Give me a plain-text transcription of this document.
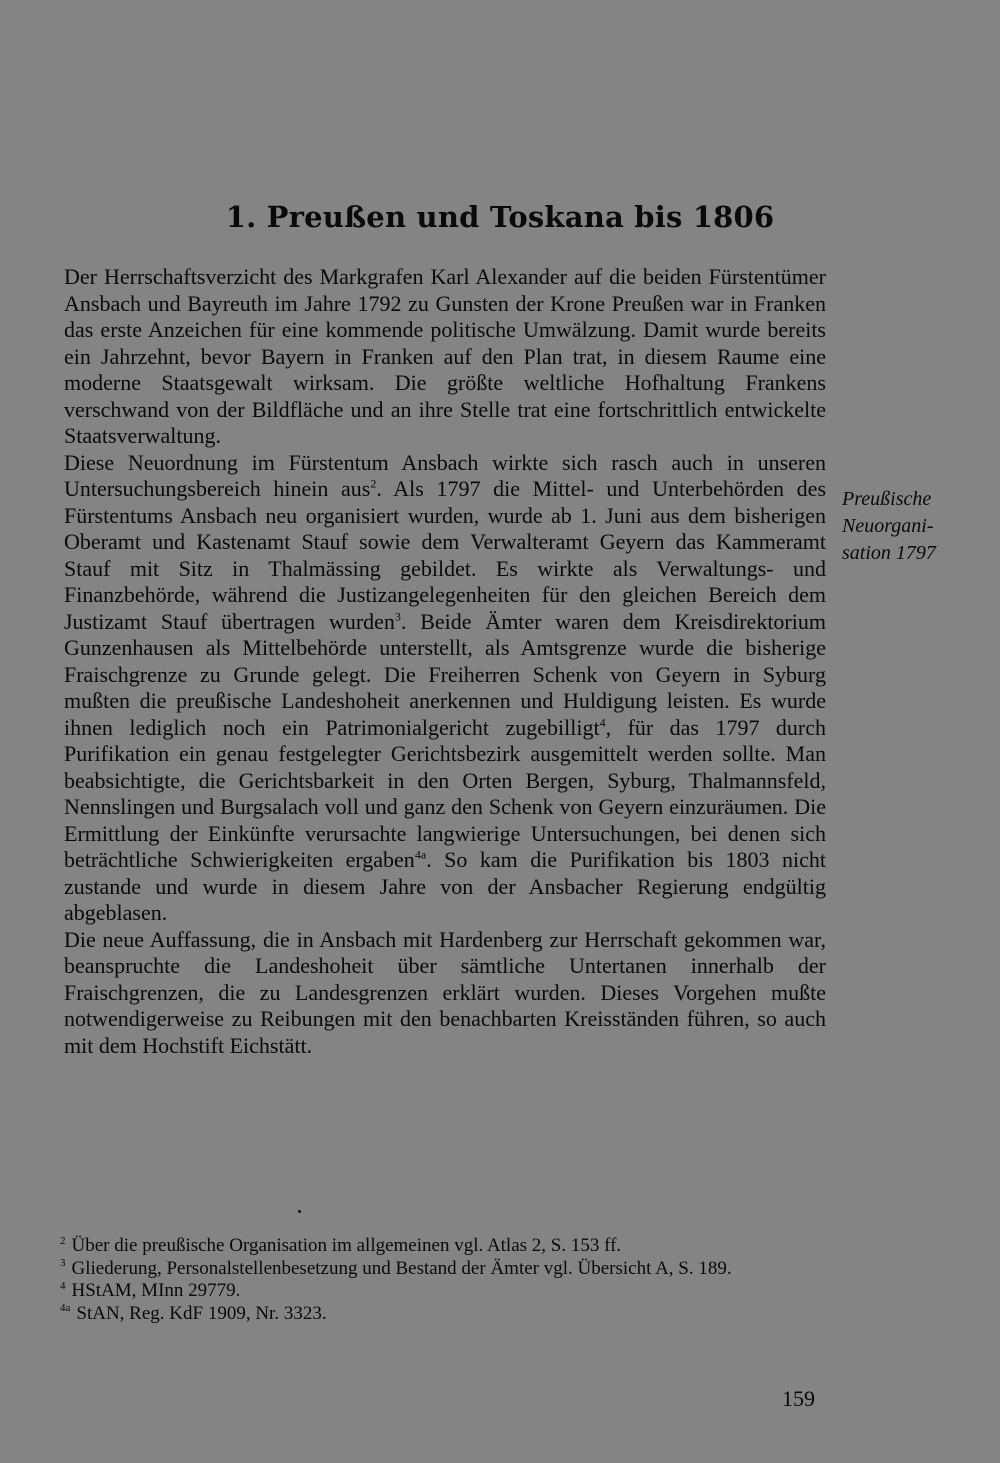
1. Preußen und Toskana bis 1806

Der Herrschaftsverzicht des Markgrafen Karl Alexander auf die beiden Fürstentümer Ansbach und Bayreuth im Jahre 1792 zu Gunsten der Krone Preußen war in Franken das erste Anzeichen für eine kommende politische Umwälzung. Damit wurde bereits ein Jahrzehnt, bevor Bayern in Franken auf den Plan trat, in diesem Raume eine moderne Staatsgewalt wirksam. Die größte weltliche Hofhaltung Frankens verschwand von der Bildfläche und an ihre Stelle trat eine fortschrittlich entwickelte Staatsverwaltung.

Diese Neuordnung im Fürstentum Ansbach wirkte sich rasch auch in unseren Untersuchungsbereich hinein aus$^2$. Als 1797 die Mittel- und Unterbehörden des Fürstentums Ansbach neu organisiert wurden, wurde ab 1. Juni aus dem bisherigen Oberamt und Kastenamt Stauf sowie dem Verwalteramt Geyern das Kammeramt Stauf mit Sitz in Thalmässing gebildet. Es wirkte als Verwaltungs- und Finanzbehörde, während die Justizangelegenheiten für den gleichen Bereich dem Justizamt Stauf übertragen wurden$^3$. Beide Ämter waren dem Kreisdirektorium Gunzenhausen als Mittelbehörde unterstellt, als Amtsgrenze wurde die bisherige Fraischgrenze zu Grunde gelegt. Die Freiherren Schenk von Geyern in Syburg mußten die preußische Landeshoheit anerkennen und Huldigung leisten. Es wurde ihnen lediglich noch ein Patrimonialgericht zugebilligt$^4$, für das 1797 durch Purifikation ein genau festgelegter Gerichtsbezirk ausgemittelt werden sollte. Man beabsichtigte, die Gerichtsbarkeit in den Orten Bergen, Syburg, Thalmannsfeld, Nennslingen und Burgsalach voll und ganz den Schenk von Geyern einzuräumen. Die Ermittlung der Einkünfte verursachte langwierige Untersuchungen, bei denen sich beträchtliche Schwierigkeiten ergaben$^{4a}$. So kam die Purifikation bis 1803 nicht zustande und wurde in diesem Jahre von der Ansbacher Regierung endgültig abgeblasen.

Die neue Auffassung, die in Ansbach mit Hardenberg zur Herrschaft gekommen war, beanspruchte die Landeshoheit über sämtliche Untertanen innerhalb der Fraischgrenzen, die zu Landesgrenzen erklärt wurden. Dieses Vorgehen mußte notwendigerweise zu Reibungen mit den benachbarten Kreisständen führen, so auch mit dem Hochstift Eichstätt.

Preußische
Neuorgani-
sation 1797

$^2$ Über die preußische Organisation im allgemeinen vgl. Atlas 2, S. 153 ff.

$^3$ Gliederung, Personalstellenbesetzung und Bestand der Ämter vgl. Übersicht A, S. 189.

$^4$ HStAM, MInn 29779.

$^{4a}$ StAN, Reg. KdF 1909, Nr. 3323.

159
